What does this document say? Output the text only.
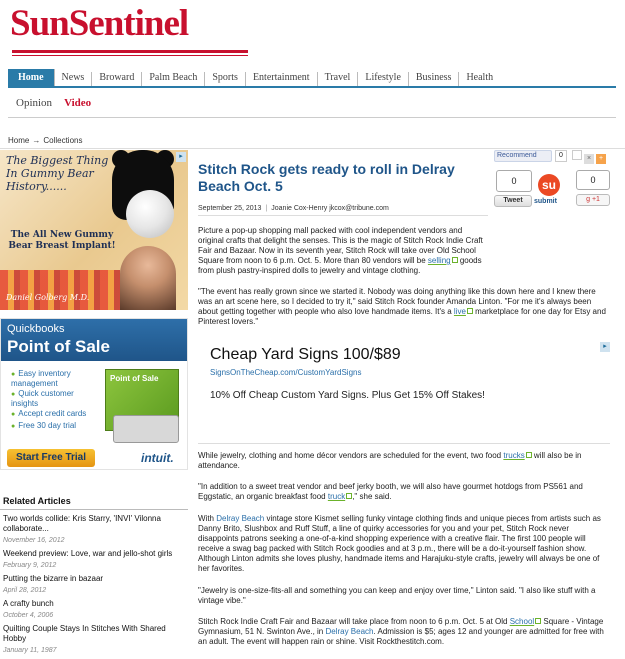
SunSentinel
Home	News	Broward	Palm Beach	Sports	Entertainment	Travel	Lifestyle	Business	Health
Opinion Video
Home → Collections
The Biggest Thing In Gummy Bear History......
The All New Gummy Bear Breast Implant!
Daniel Golberg M.D.
▸
Quickbooks
Point of Sale
● Easy inventory management
● Quick customer insights
● Accept credit cards
● Free 30 day trial
Point of Sale
Start Free Trial	intuit.
Related Articles
Two worlds collide: Kris Starry, 'INVI' Vilonna collaborate...
November 16, 2012
Weekend preview: Love, war and jello-shot girls
February 9, 2012
Putting the bizarre in bazaar
April 28, 2012
A crafty bunch
October 4, 2006
Quilting Couple Stays In Stitches With Shared Hobby
January 11, 1987
Stitch Rock gets ready to roll in Delray Beach Oct. 5
September 25, 2013 | Joanie Cox-Henry jkcox@tribune.com
Recommend	0	× +
0
Tweet
su
submit
0
g +1
Picture a pop-up shopping mall packed with cool independent vendors and original crafts that delight the senses. This is the magic of Stitch Rock Indie Craft Fair and Bazaar. Now in its seventh year, Stitch Rock will take over Old School Square from noon to 6 p.m. Oct. 5. More than 80 vendors will be selling goods from plush pastry-inspired dolls to jewelry and vintage clothing.
"The event has really grown since we started it. Nobody was doing anything like this down here and I knew there was an art scene here, so I decided to try it," said Stitch Rock founder Amanda Linton. "For me it's always been about getting together with people who also love handmade items. It's a live marketplace for one day for Etsy and Pinterest lovers."
Cheap Yard Signs 100/$89
SignsOnTheCheap.com/CustomYardSigns
10% Off Cheap Custom Yard Signs. Plus Get 15% Off Stakes!
▸
While jewelry, clothing and home décor vendors are scheduled for the event, two food trucks will also be in attendance.
"In addition to a sweet treat vendor and beef jerky booth, we will also have gourmet hotdogs from PS561 and Eggstatic, an organic breakfast food truck ," she said.
With Delray Beach vintage store Kismet selling funky vintage clothing finds and unique pieces from artists such as Danny Brito, Slushbox and Ruff Stuff, a line of quirky accessories for you and your pet, Stitch Rock never disappoints patrons seeking a one-of-a-kind shopping experience with a creative flair. The first 100 people will receive a swag bag packed with Stitch Rock goodies and at 3 p.m., there will be a do-it-yourself fashion show. Although Linton admits she loves plushy, handmade items and Harajuku-style crafts, jewelry will always be one of her favorites.
"Jewelry is one-size-fits-all and something you can keep and enjoy over time," Linton said. "I also like stuff with a vintage vibe."
Stitch Rock Indie Craft Fair and Bazaar will take place from noon to 6 p.m. Oct. 5 at Old School Square - Vintage Gymnasium, 51 N. Swinton Ave., in Delray Beach. Admission is $5; ages 12 and younger are admitted for free with an adult. The event will happen rain or shine. Visit Rockthestitch.com.
